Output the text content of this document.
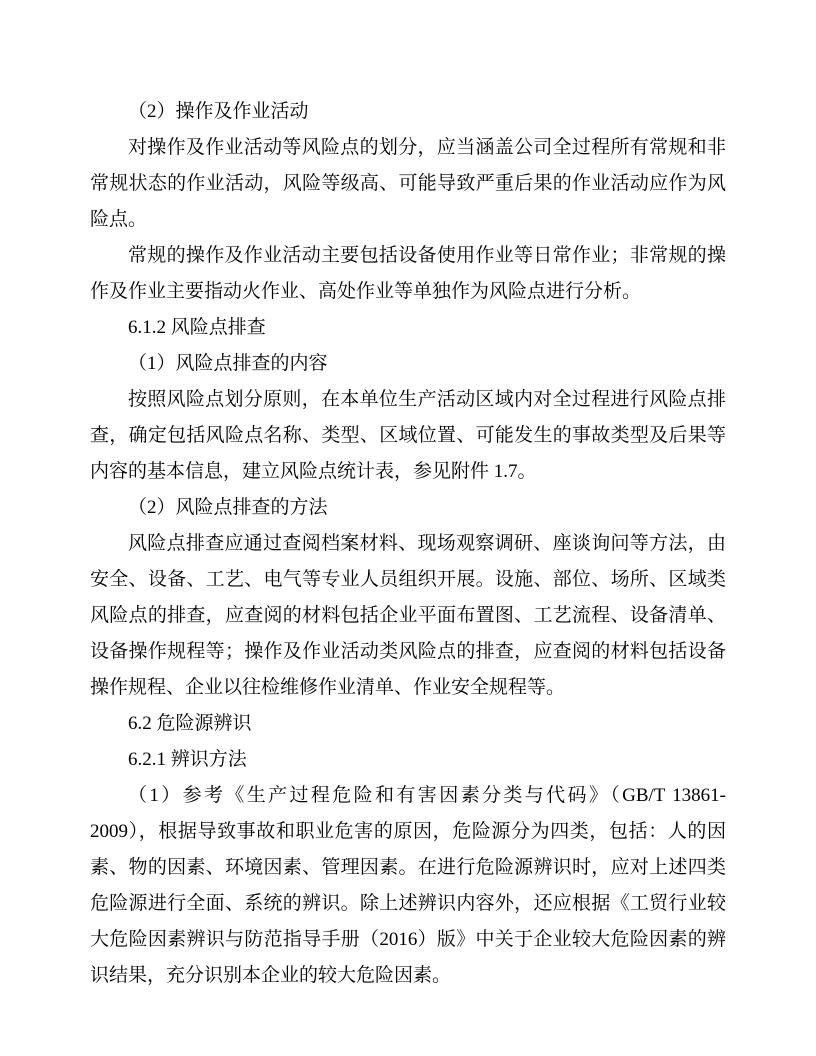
（2）操作及作业活动

对操作及作业活动等风险点的划分，应当涵盖公司全过程所有常规和非常规状态的作业活动，风险等级高、可能导致严重后果的作业活动应作为风险点。

常规的操作及作业活动主要包括设备使用作业等日常作业；非常规的操作及作业主要指动火作业、高处作业等单独作为风险点进行分析。

6.1.2 风险点排查

（1）风险点排查的内容

按照风险点划分原则，在本单位生产活动区域内对全过程进行风险点排查，确定包括风险点名称、类型、区域位置、可能发生的事故类型及后果等内容的基本信息，建立风险点统计表，参见附件 1.7。

（2）风险点排查的方法

风险点排查应通过查阅档案材料、现场观察调研、座谈询问等方法，由安全、设备、工艺、电气等专业人员组织开展。设施、部位、场所、区域类风险点的排查，应查阅的材料包括企业平面布置图、工艺流程、设备清单、设备操作规程等；操作及作业活动类风险点的排查，应查阅的材料包括设备操作规程、企业以往检维修作业清单、作业安全规程等。

6.2 危险源辨识

6.2.1 辨识方法

（1）参考《生产过程危险和有害因素分类与代码》（GB/T 13861-2009），根据导致事故和职业危害的原因，危险源分为四类，包括：人的因素、物的因素、环境因素、管理因素。在进行危险源辨识时，应对上述四类危险源进行全面、系统的辨识。除上述辨识内容外，还应根据《工贸行业较大危险因素辨识与防范指导手册（2016）版》中关于企业较大危险因素的辨识结果，充分识别本企业的较大危险因素。
